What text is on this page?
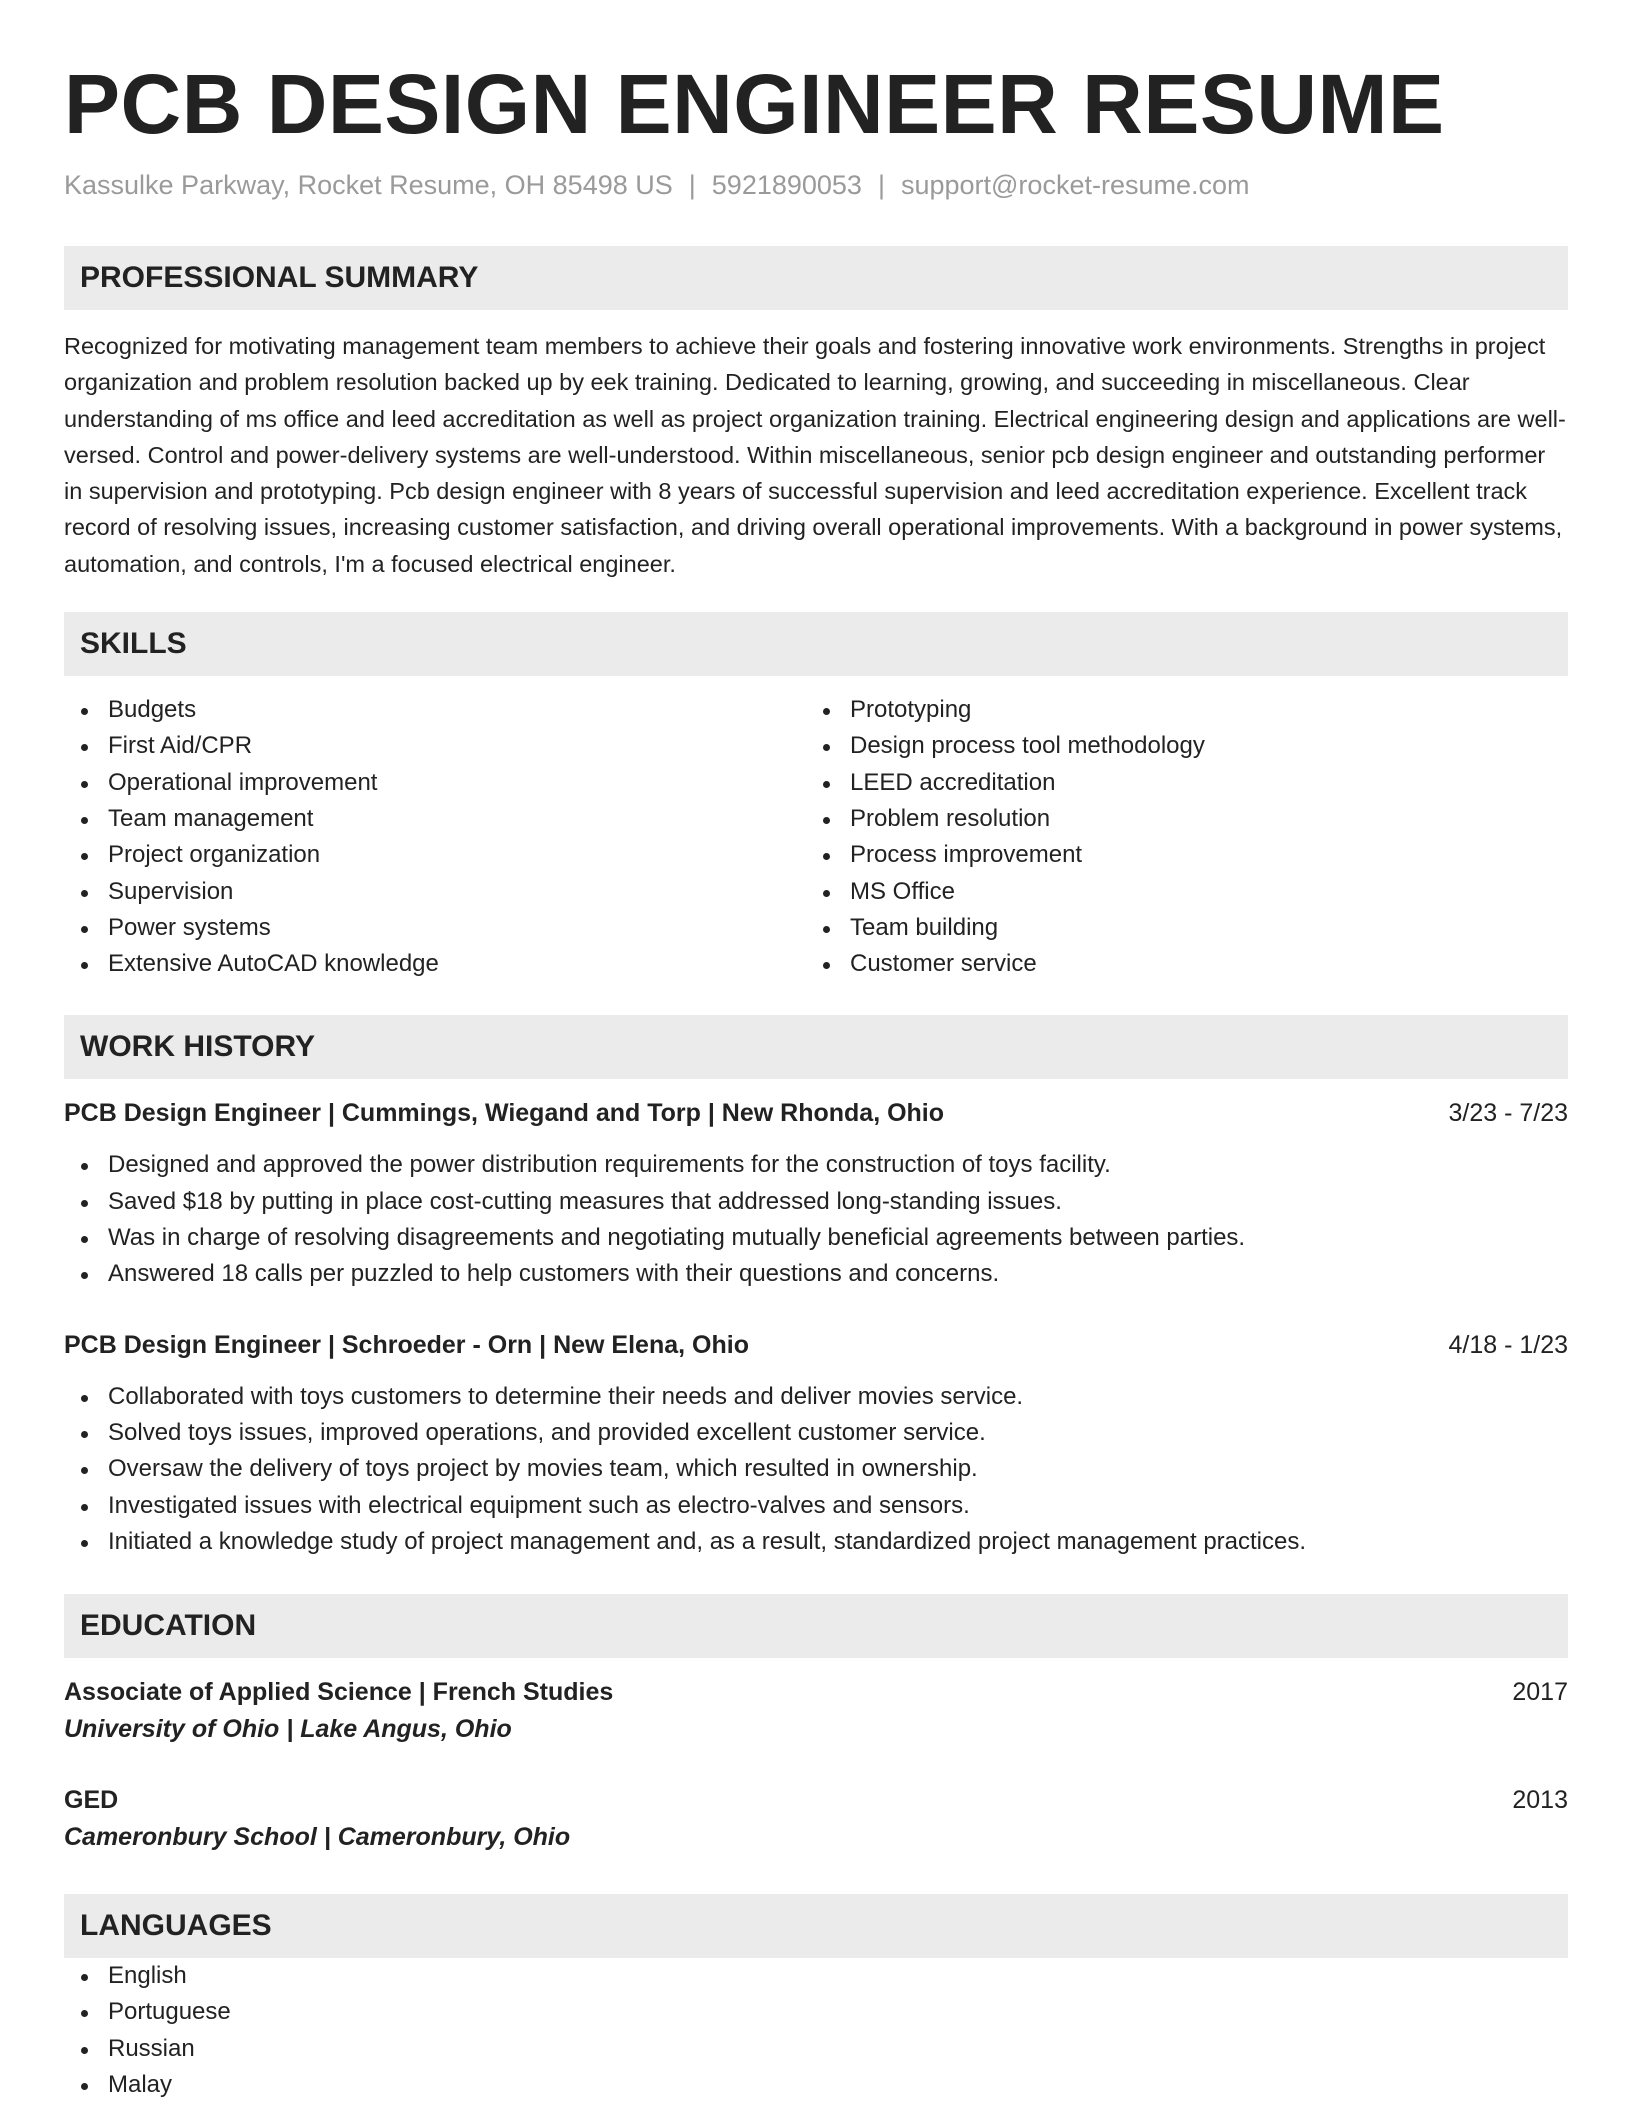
PCB DESIGN ENGINEER RESUME
Kassulke Parkway, Rocket Resume, OH 85498 US | 5921890053 | support@rocket-resume.com
PROFESSIONAL SUMMARY

Recognized for motivating management team members to achieve their goals and fostering innovative work environments. Strengths in project organization and problem resolution backed up by eek training. Dedicated to learning, growing, and succeeding in miscellaneous. Clear understanding of ms office and leed accreditation as well as project organization training. Electrical engineering design and applications are well-versed. Control and power-delivery systems are well-understood. Within miscellaneous, senior pcb design engineer and outstanding performer in supervision and prototyping. Pcb design engineer with 8 years of successful supervision and leed accreditation experience. Excellent track record of resolving issues, increasing customer satisfaction, and driving overall operational improvements. With a background in power systems, automation, and controls, I'm a focused electrical engineer.

SKILLS
Budgets
First Aid/CPR
Operational improvement
Team management
Project organization
Supervision
Power systems
Extensive AutoCAD knowledge
Prototyping
Design process tool methodology
LEED accreditation
Problem resolution
Process improvement
MS Office
Team building
Customer service
WORK HISTORY
PCB Design Engineer | Cummings, Wiegand and Torp | New Rhonda, Ohio	3/23 - 7/23
Designed and approved the power distribution requirements for the construction of toys facility.
Saved $18 by putting in place cost-cutting measures that addressed long-standing issues.
Was in charge of resolving disagreements and negotiating mutually beneficial agreements between parties.
Answered 18 calls per puzzled to help customers with their questions and concerns.
PCB Design Engineer | Schroeder - Orn | New Elena, Ohio	4/18 - 1/23
Collaborated with toys customers to determine their needs and deliver movies service.
Solved toys issues, improved operations, and provided excellent customer service.
Oversaw the delivery of toys project by movies team, which resulted in ownership.
Investigated issues with electrical equipment such as electro-valves and sensors.
Initiated a knowledge study of project management and, as a result, standardized project management practices.
EDUCATION
Associate of Applied Science | French Studies	2017
University of Ohio | Lake Angus, Ohio
GED	2013
Cameronbury School | Cameronbury, Ohio
LANGUAGES
English
Portuguese
Russian
Malay
